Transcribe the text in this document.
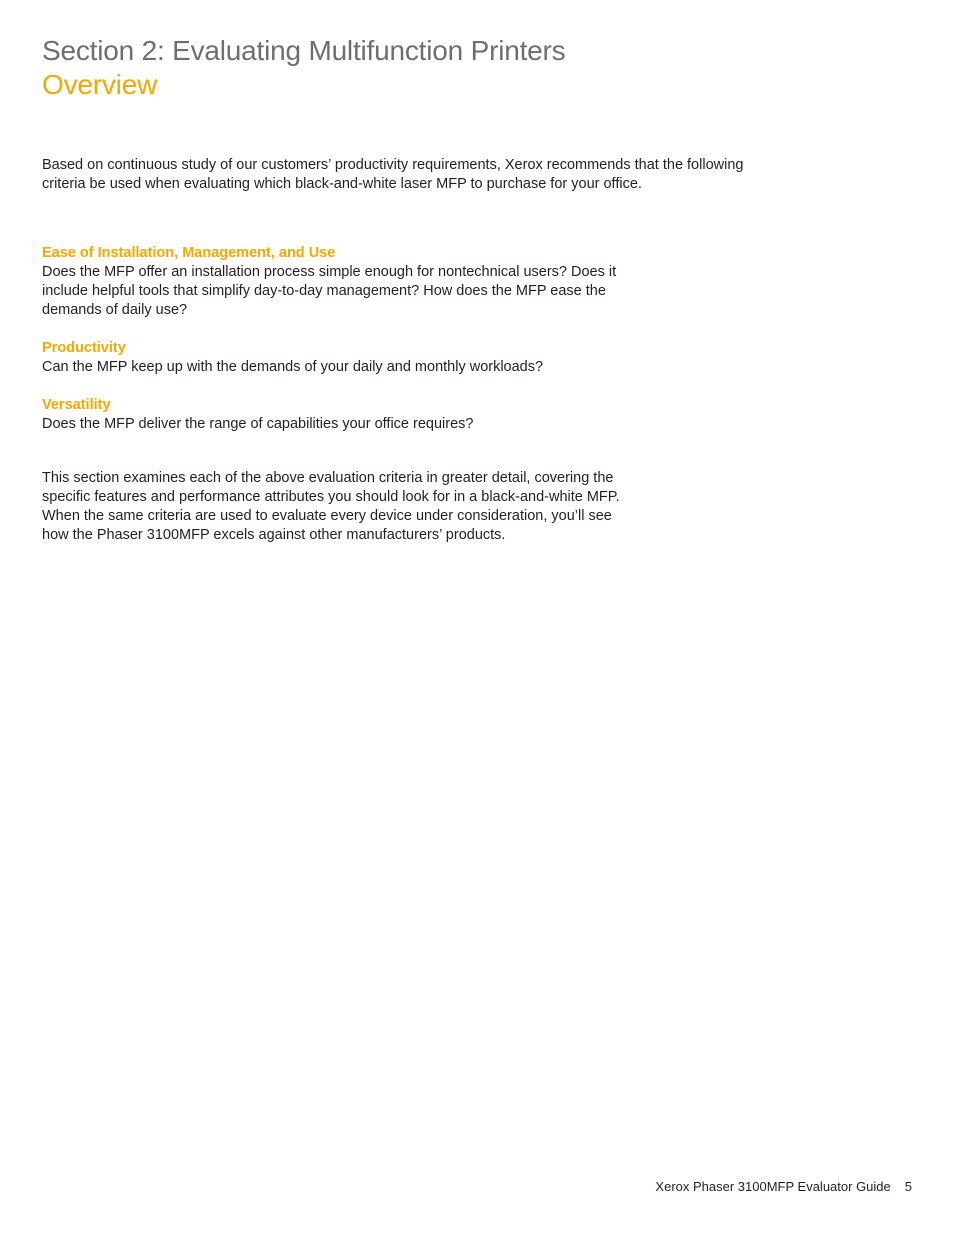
Section 2: Evaluating Multifunction Printers
Overview

Based on continuous study of our customers’ productivity requirements, Xerox recommends that the following criteria be used when evaluating which black-and-white laser MFP to purchase for your office.

Ease of Installation, Management, and Use

Does the MFP offer an installation process simple enough for nontechnical users? Does it include helpful tools that simplify day-to-day management? How does the MFP ease the demands of daily use?

Productivity

Can the MFP keep up with the demands of your daily and monthly workloads?

Versatility

Does the MFP deliver the range of capabilities your office requires?

This section examines each of the above evaluation criteria in greater detail, covering the specific features and performance attributes you should look for in a black-and-white MFP. When the same criteria are used to evaluate every device under consideration, you’ll see how the Phaser 3100MFP excels against other manufacturers’ products.

Xerox Phaser 3100MFP Evaluator Guide 5
